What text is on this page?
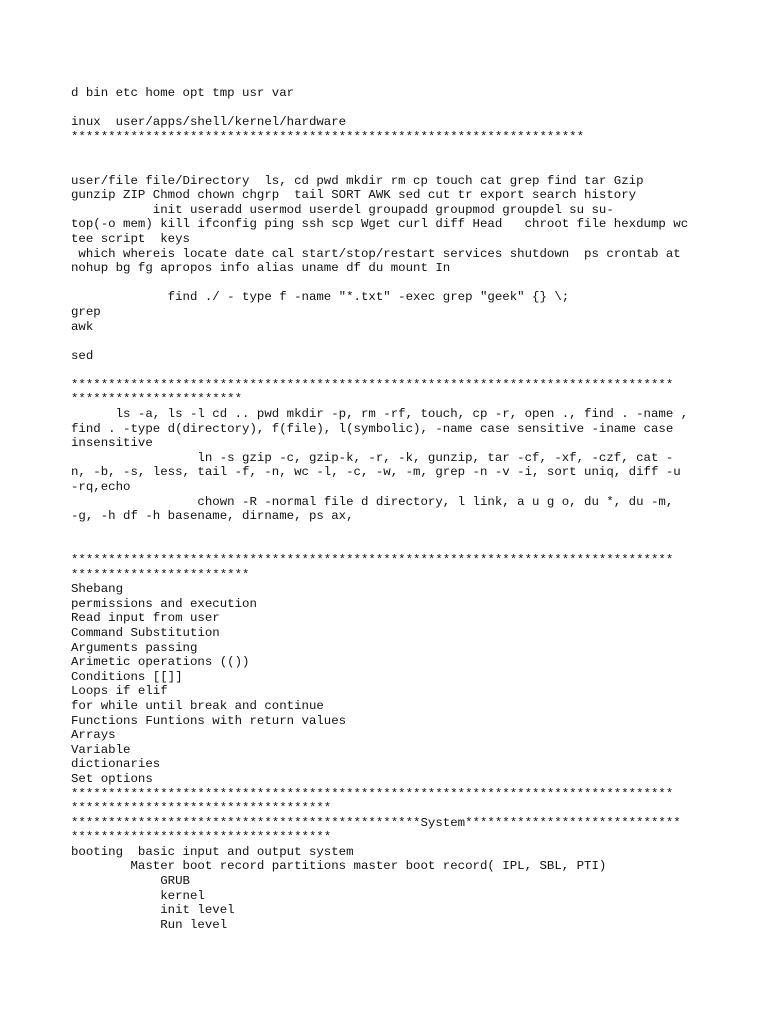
d bin etc home opt tmp usr var
inux  user/apps/shell/kernel/hardware
*********************************************************************
user/file file/Directory  ls, cd pwd mkdir rm cp touch cat grep find tar Gzip
gunzip ZIP Chmod chown chgrp  tail SORT AWK sed cut tr export search history
init useradd usermod userdel groupadd groupmod groupdel su su-
top(-o mem) kill ifconfig ping ssh scp Wget curl diff Head   chroot file hexdump wc
tee script  keys
which whereis locate date cal start/stop/restart services shutdown  ps crontab at
nohup bg fg apropos info alias uname df du mount In
find ./ - type f -name "*.txt" -exec grep "geek" {} \;
grep
awk
sed
*********************************************************************************
***********************
ls -a, ls -l cd .. pwd mkdir -p, rm -rf, touch, cp -r, open ., find . -name ,
find . -type d(directory), f(file), l(symbolic), -name case sensitive -iname case
insensitive
ln -s gzip -c, gzip-k, -r, -k, gunzip, tar -cf, -xf, -czf, cat -
n, -b, -s, less, tail -f, -n, wc -l, -c, -w, -m, grep -n -v -i, sort uniq, diff -u
-rq,echo
chown -R -normal file d directory, l link, a u g o, du *, du -m,
-g, -h df -h basename, dirname, ps ax,
*********************************************************************************
************************
Shebang
permissions and execution
Read input from user
Command Substitution
Arguments passing
Arimetic operations (())
Conditions [[]]
Loops if elif
for while until break and continue
Functions Funtions with return values
Arrays
Variable
dictionaries
Set options
*********************************************************************************
***********************************
***********************************************System*****************************
***********************************
booting  basic input and output system
Master boot record partitions master boot record( IPL, SBL, PTI)
GRUB
kernel
init level
Run level
